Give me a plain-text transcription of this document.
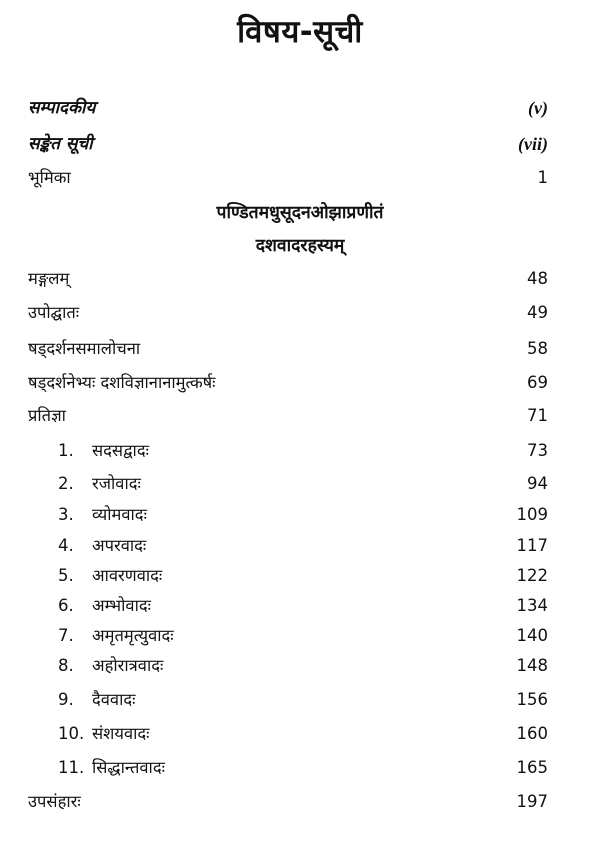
विषय-सूची
सम्पादकीय	(v)
सङ्केत सूची	(vii)
भूमिका	1
पण्डितमधुसूदनओझाप्रणीतं
दशवादरहस्यम्
मङ्गलम्	48
उपोद्घातः	49
षड्दर्शनसमालोचना	58
षड्दर्शनेभ्यः दशविज्ञानानामुत्कर्षः	69
प्रतिज्ञा	71
1. सदसद्वादः	73
2. रजोवादः	94
3. व्योमवादः	109
4. अपरवादः	117
5. आवरणवादः	122
6. अम्भोवादः	134
7. अमृतमृत्युवादः	140
8. अहोरात्रवादः	148
9. दैववादः	156
10. संशयवादः	160
11. सिद्धान्तवादः	165
उपसंहारः	197
